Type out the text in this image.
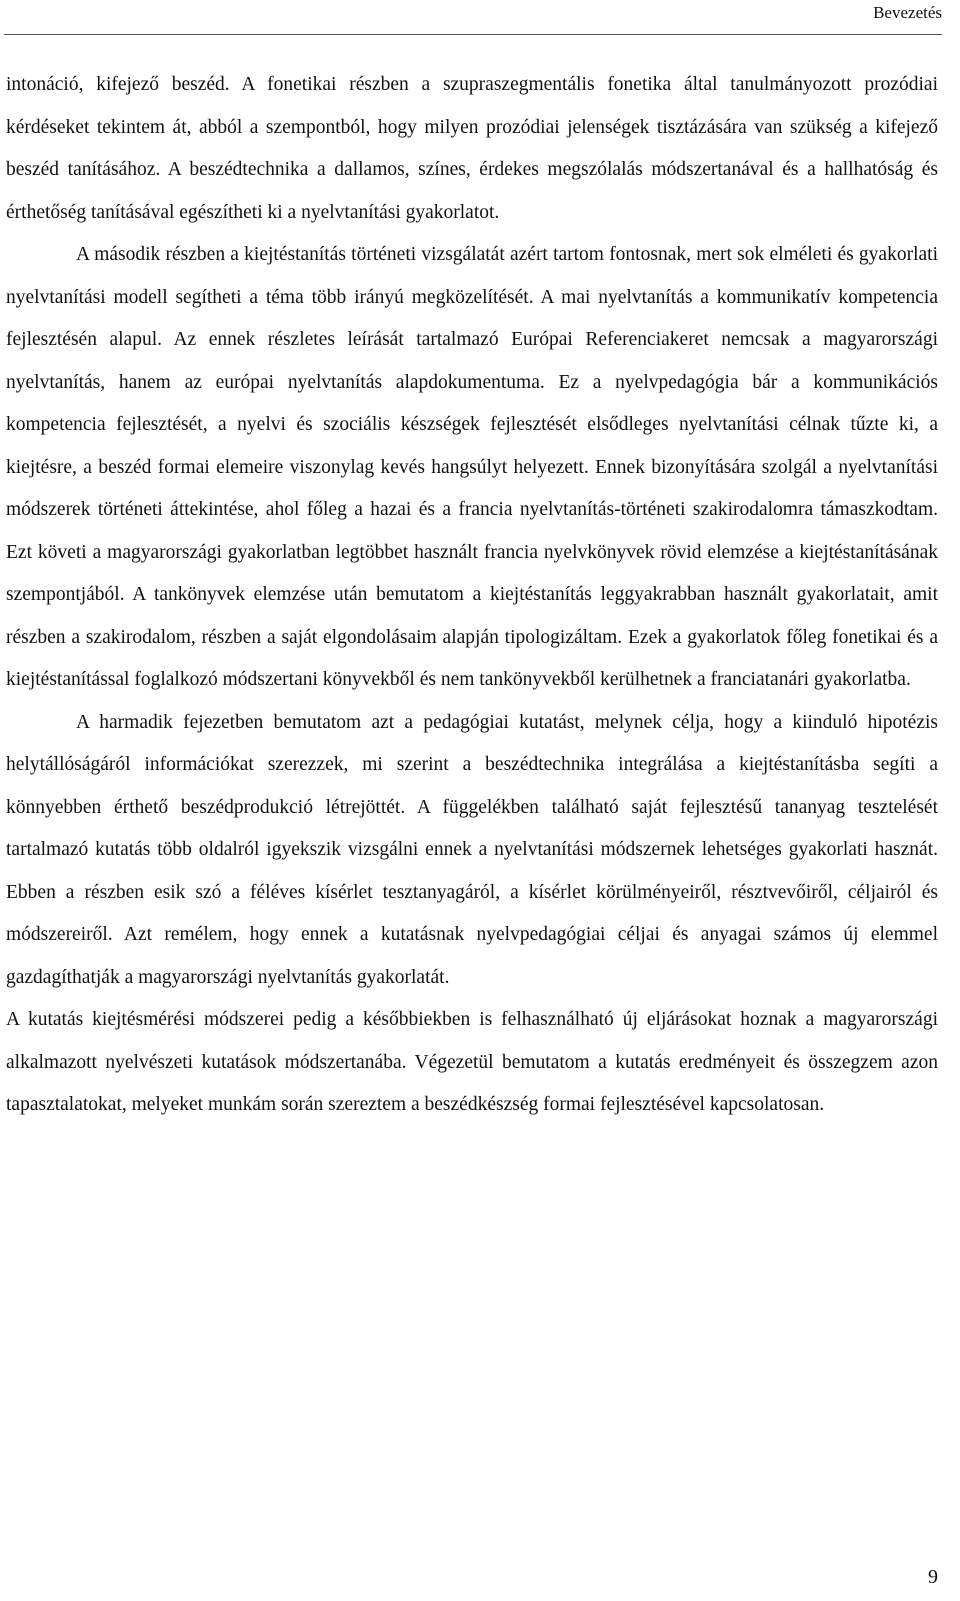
Bevezetés

intonáció, kifejező beszéd. A fonetikai részben a szupraszegmentális fonetika által tanulmányozott prozódiai kérdéseket tekintem át, abból a szempontból, hogy milyen prozódiai jelenségek tisztázására van szükség a kifejező beszéd tanításához. A beszédtechnika a dallamos, színes, érdekes megszólalás módszertanával és a hallhatóság és érthetőség tanításával egészítheti ki a nyelvtanítási gyakorlatot.

A második részben a kiejtéstanítás történeti vizsgálatát azért tartom fontosnak, mert sok elméleti és gyakorlati nyelvtanítási modell segítheti a téma több irányú megközelítését. A mai nyelvtanítás a kommunikatív kompetencia fejlesztésén alapul. Az ennek részletes leírását tartalmazó Európai Referenciakeret nemcsak a magyarországi nyelvtanítás, hanem az európai nyelvtanítás alapdokumentuma. Ez a nyelvpedagógia bár a kommunikációs kompetencia fejlesztését, a nyelvi és szociális készségek fejlesztését elsődleges nyelvtanítási célnak tűzte ki, a kiejtésre, a beszéd formai elemeire viszonylag kevés hangsúlyt helyezett. Ennek bizonyítására szolgál a nyelvtanítási módszerek történeti áttekintése, ahol főleg a hazai és a francia nyelvtanítás-történeti szakirodalomra támaszkodtam. Ezt követi a magyarországi gyakorlatban legtöbbet használt francia nyelvkönyvek rövid elemzése a kiejtéstanításának szempontjából. A tankönyvek elemzése után bemutatom a kiejtéstanítás leggyakrabban használt gyakorlatait, amit részben a szakirodalom, részben a saját elgondolásaim alapján tipologizáltam. Ezek a gyakorlatok főleg fonetikai és a kiejtéstanítással foglalkozó módszertani könyvekből és nem tankönyvekből kerülhetnek a franciatanári gyakorlatba.

A harmadik fejezetben bemutatom azt a pedagógiai kutatást, melynek célja, hogy a kiinduló hipotézis helytállóságáról információkat szerezzek, mi szerint a beszédtechnika integrálása a kiejtéstanításba segíti a könnyebben érthető beszédprodukció létrejöttét. A függelékben található saját fejlesztésű tananyag tesztelését tartalmazó kutatás több oldalról igyekszik vizsgálni ennek a nyelvtanítási módszernek lehetséges gyakorlati hasznát. Ebben a részben esik szó a féléves kísérlet tesztanyagáról, a kísérlet körülményeiről, résztvevőiről, céljairól és módszereiről. Azt remélem, hogy ennek a kutatásnak nyelvpedagógiai céljai és anyagai számos új elemmel gazdagíthatják a magyarországi nyelvtanítás gyakorlatát.

A kutatás kiejtésmérési módszerei pedig a későbbiekben is felhasználható új eljárásokat hoznak a magyarországi alkalmazott nyelvészeti kutatások módszertanába. Végezetül bemutatom a kutatás eredményeit és összegzem azon tapasztalatokat, melyeket munkám során szereztem a beszédkészség formai fejlesztésével kapcsolatosan.

9
